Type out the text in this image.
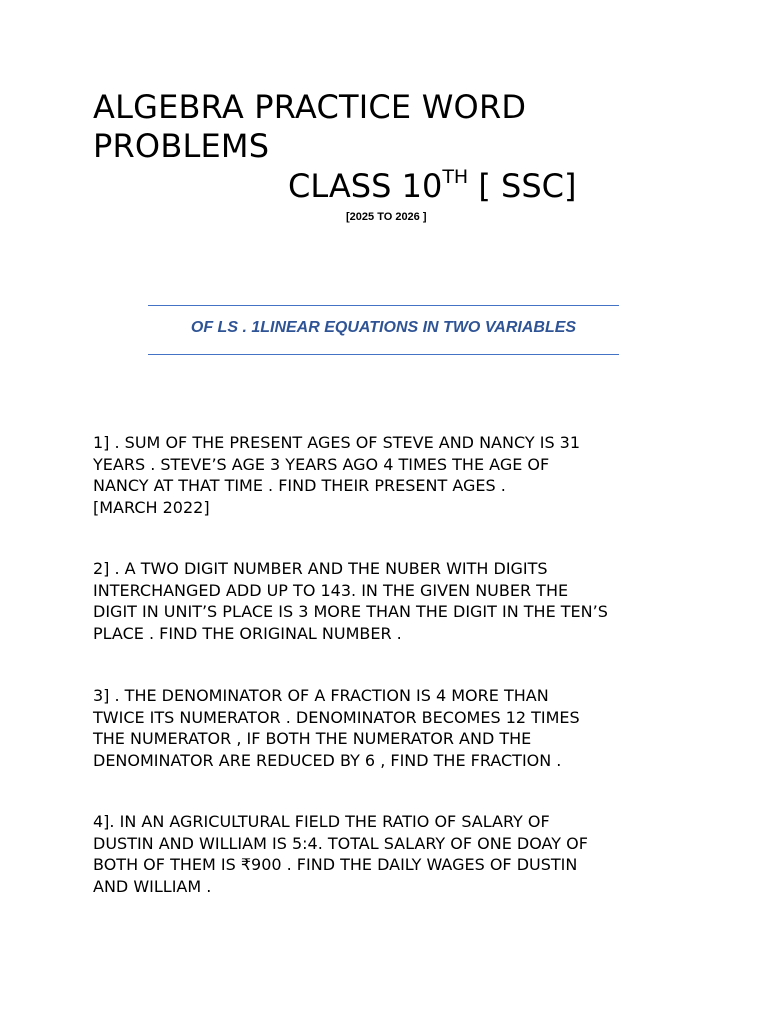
ALGEBRA PRACTICE WORD
PROBLEMS
CLASS 10TH [ SSC]
[2025 TO 2026 ]
OF LS . 1LINEAR EQUATIONS IN TWO VARIABLES
1] . SUM OF THE PRESENT AGES OF STEVE AND NANCY IS 31
YEARS . STEVE’S AGE 3 YEARS AGO 4 TIMES THE AGE OF
NANCY AT THAT TIME . FIND THEIR PRESENT AGES .
[MARCH 2022]
2] . A TWO DIGIT NUMBER AND THE NUBER WITH DIGITS
INTERCHANGED ADD UP TO 143. IN THE GIVEN NUBER THE
DIGIT IN UNIT’S PLACE IS 3 MORE THAN THE DIGIT IN THE TEN’S
PLACE . FIND THE ORIGINAL NUMBER .
3] . THE DENOMINATOR OF A FRACTION IS 4 MORE THAN
TWICE ITS NUMERATOR . DENOMINATOR BECOMES 12 TIMES
THE NUMERATOR , IF BOTH THE NUMERATOR AND THE
DENOMINATOR ARE REDUCED BY 6 , FIND THE FRACTION .
4]. IN AN AGRICULTURAL FIELD THE RATIO OF SALARY OF
DUSTIN AND WILLIAM IS 5:4. TOTAL SALARY OF ONE DOAY OF
BOTH OF THEM IS ₹900 . FIND THE DAILY WAGES OF DUSTIN
AND WILLIAM .
